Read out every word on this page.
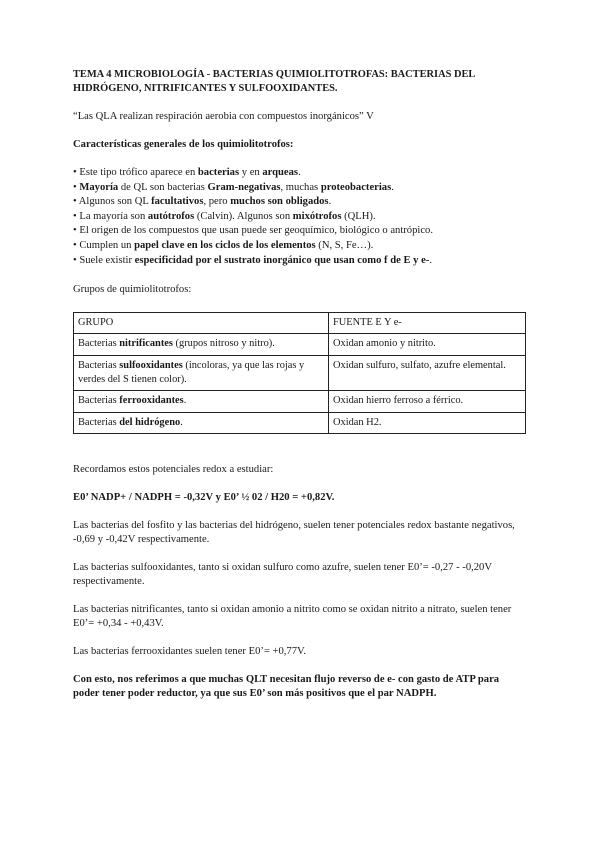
TEMA 4 MICROBIOLOGÍA - BACTERIAS QUIMIOLITOTROFAS: BACTERIAS DEL HIDRÓGENO, NITRIFICANTES Y SULFOOXIDANTES.

“Las QLA realizan respiración aerobia con compuestos inorgánicos” V

Características generales de los quimiolitotrofos:

• Este tipo trófico aparece en bacterias y en arqueas.
• Mayoría de QL son bacterias Gram-negativas, muchas proteobacterias.
• Algunos son QL facultativos, pero muchos son obligados.
• La mayoría son autótrofos (Calvin). Algunos son mixótrofos (QLH).
• El origen de los compuestos que usan puede ser geoquímico, biológico o antrópico.
• Cumplen un papel clave en los ciclos de los elementos (N, S, Fe…).
• Suele existir especificidad por el sustrato inorgánico que usan como f de E y e-.

Grupos de quimiolitotrofos:

GRUPO	FUENTE E Y e-
Bacterias nitrificantes (grupos nitroso y nitro).	Oxidan amonio y nitrito.
Bacterias sulfooxidantes (incoloras, ya que las rojas y verdes del S tienen color).	Oxidan sulfuro, sulfato, azufre elemental.
Bacterias ferrooxidantes.	Oxidan hierro ferroso a férrico.
Bacterias del hidrógeno.	Oxidan H2.

Recordamos estos potenciales redox a estudiar:

E0’ NADP+ / NADPH = -0,32V y E0’ ½ 02 / H20 = +0,82V.

Las bacterias del fosfito y las bacterias del hidrógeno, suelen tener potenciales redox bastante negativos, -0,69 y -0,42V respectivamente.

Las bacterias sulfooxidantes, tanto si oxidan sulfuro como azufre, suelen tener E0’= -0,27 - -0,20V respectivamente.

Las bacterias nitrificantes, tanto si oxidan amonio a nitrito como se oxidan nitrito a nitrato, suelen tener E0’= +0,34 - +0,43V.

Las bacterias ferrooxidantes suelen tener E0’= +0,77V.

Con esto, nos referimos a que muchas QLT necesitan flujo reverso de e- con gasto de ATP para poder tener poder reductor, ya que sus E0’ son más positivos que el par NADPH.
